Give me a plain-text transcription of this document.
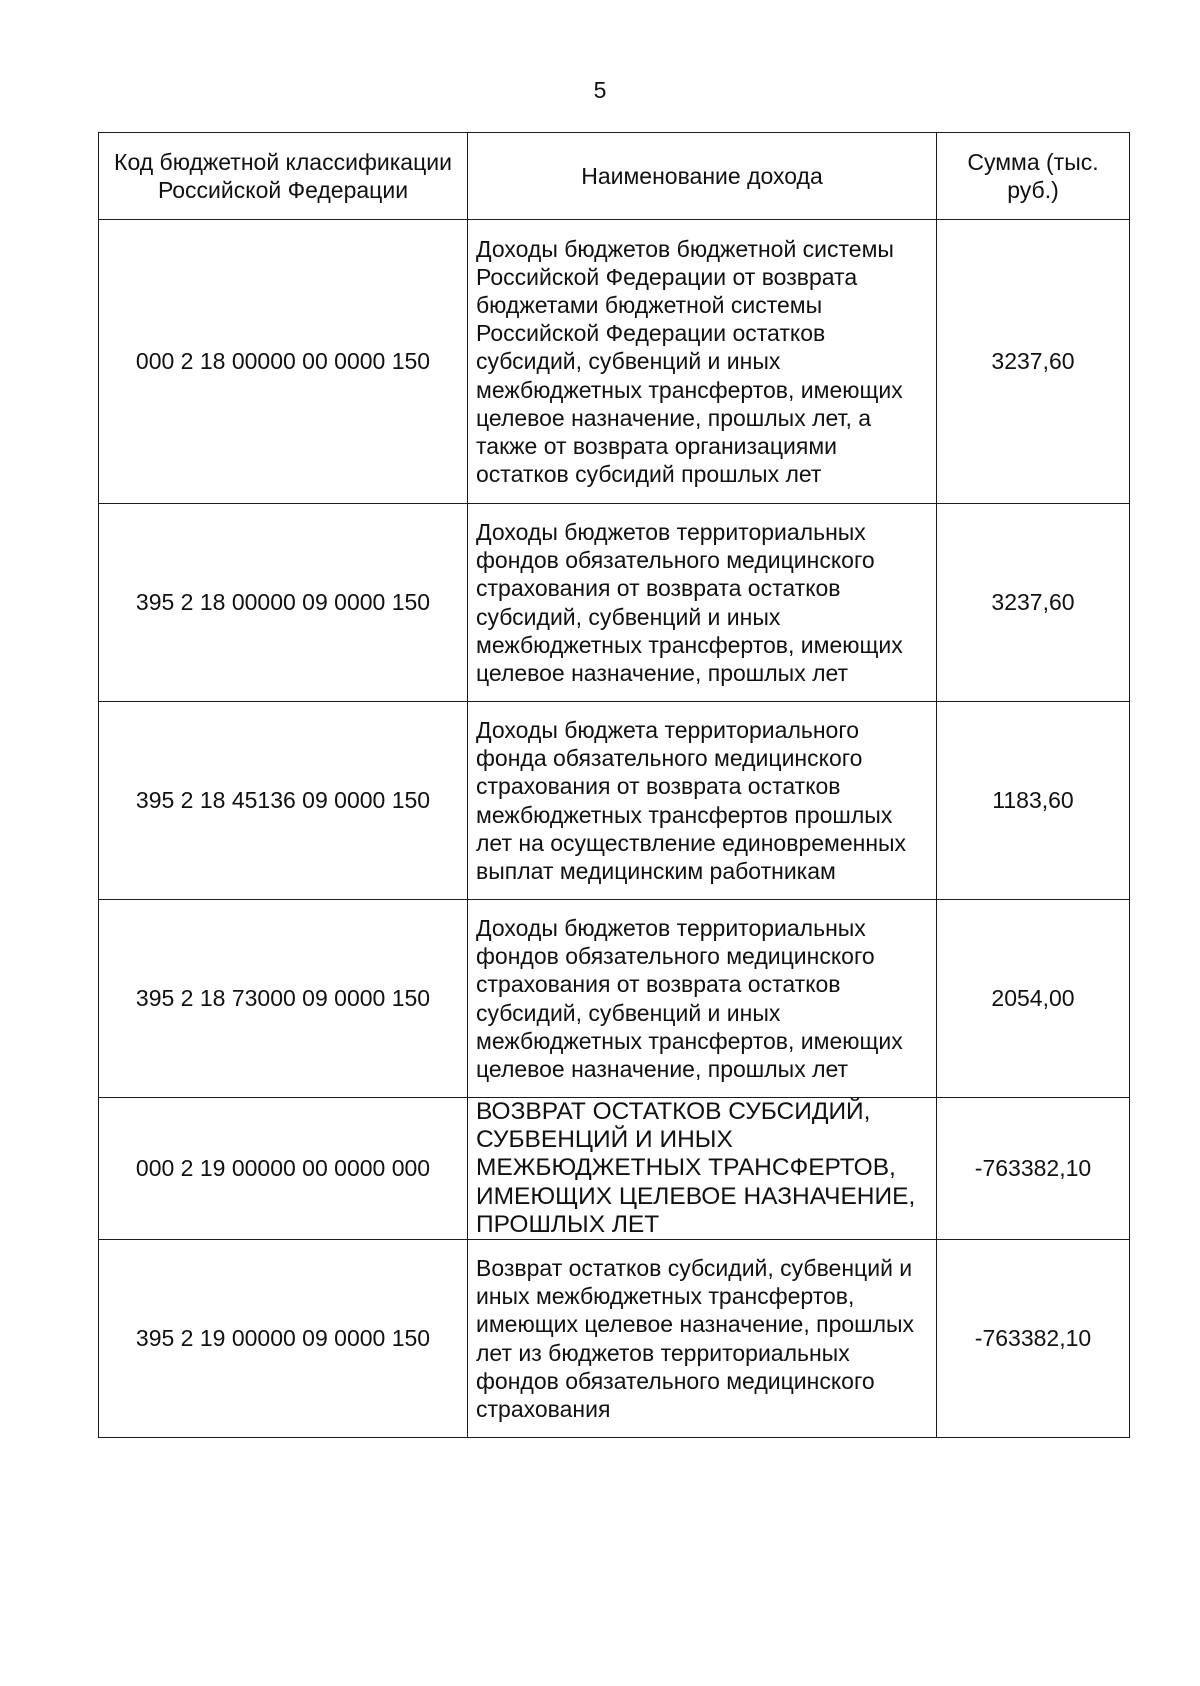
5
Код бюджетной классификации Российской Федерации	Наименование дохода	Сумма (тыс. руб.)
000 2 18 00000 00 0000 150	Доходы бюджетов бюджетной системы Российской Федерации от возврата бюджетами бюджетной системы Российской Федерации остатков субсидий, субвенций и иных межбюджетных трансфертов, имеющих целевое назначение, прошлых лет, а также от возврата организациями остатков субсидий прошлых лет	3237,60
395 2 18 00000 09 0000 150	Доходы бюджетов территориальных фондов обязательного медицинского страхования от возврата остатков субсидий, субвенций и иных межбюджетных трансфертов, имеющих целевое назначение, прошлых лет	3237,60
395 2 18 45136 09 0000 150	Доходы бюджета территориального фонда обязательного медицинского страхования от возврата остатков межбюджетных трансфертов прошлых лет на осуществление единовременных выплат медицинским работникам	1183,60
395 2 18 73000 09 0000 150	Доходы бюджетов территориальных фондов обязательного медицинского страхования от возврата остатков субсидий, субвенций и иных межбюджетных трансфертов, имеющих целевое назначение, прошлых лет	2054,00
000 2 19 00000 00 0000 000	ВОЗВРАТ ОСТАТКОВ СУБСИДИЙ, СУБВЕНЦИЙ И ИНЫХ МЕЖБЮДЖЕТНЫХ ТРАНСФЕРТОВ, ИМЕЮЩИХ ЦЕЛЕВОЕ НАЗНАЧЕНИЕ, ПРОШЛЫХ ЛЕТ	-763382,10
395 2 19 00000 09 0000 150	Возврат остатков субсидий, субвенций и иных межбюджетных трансфертов, имеющих целевое назначение, прошлых лет из бюджетов территориальных фондов обязательного медицинского страхования	-763382,10
